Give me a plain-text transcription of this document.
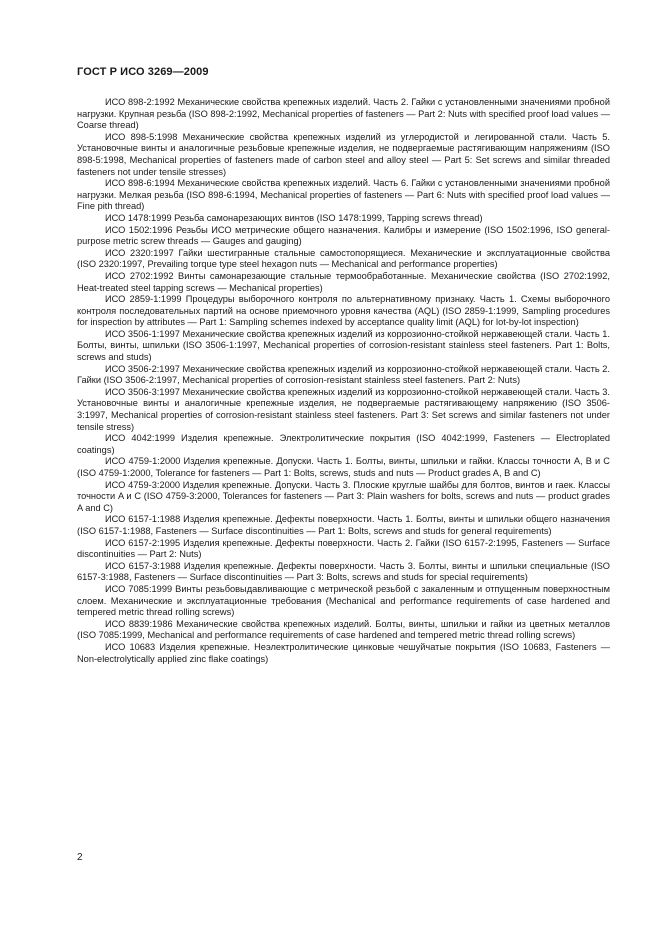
ГОСТ Р ИСО 3269—2009

ИСО 898-2:1992 Механические свойства крепежных изделий. Часть 2. Гайки с установленными значениями пробной нагрузки. Крупная резьба (ISO 898-2:1992, Mechanical properties of fasteners — Part 2: Nuts with specified proof load values — Coarse thread)

ИСО 898-5:1998 Механические свойства крепежных изделий из углеродистой и легированной стали. Часть 5. Установочные винты и аналогичные резьбовые крепежные изделия, не подвергаемые растягивающим напряжениям (ISO 898-5:1998, Mechanical properties of fasteners made of carbon steel and alloy steel — Part 5: Set screws and similar threaded fasteners not under tensile stresses)

ИСО 898-6:1994 Механические свойства крепежных изделий. Часть 6. Гайки с установленными значениями пробной нагрузки. Мелкая резьба (ISO 898-6:1994, Mechanical properties of fasteners — Part 6: Nuts with specified proof load values — Fine pith thread)

ИСО 1478:1999 Резьба самонарезающих винтов (ISO 1478:1999, Tapping screws thread)

ИСО 1502:1996 Резьбы ИСО метрические общего назначения. Калибры и измерение (ISO 1502:1996, ISO general-purpose metric screw threads — Gauges and gauging)

ИСО 2320:1997 Гайки шестигранные стальные самостопорящиеся. Механические и эксплуатационные свойства (ISO 2320:1997, Prevailing torque type steel hexagon nuts — Mechanical and performance properties)

ИСО 2702:1992 Винты самонарезающие стальные термообработанные. Механические свойства (ISO 2702:1992, Heat-treated steel tapping screws — Mechanical properties)

ИСО 2859-1:1999 Процедуры выборочного контроля по альтернативному признаку. Часть 1. Схемы выборочного контроля последовательных партий на основе приемочного уровня качества (AQL) (ISO 2859-1:1999, Sampling procedures for inspection by attributes — Part 1: Sampling schemes indexed by acceptance quality limit (AQL) for lot-by-lot inspection)

ИСО 3506-1:1997 Механические свойства крепежных изделий из коррозионно-стойкой нержавеющей стали. Часть 1. Болты, винты, шпильки (ISO 3506-1:1997, Mechanical properties of corrosion-resistant stainless steel fasteners. Part 1: Bolts, screws and studs)

ИСО 3506-2:1997 Механические свойства крепежных изделий из коррозионно-стойкой нержавеющей стали. Часть 2. Гайки (ISO 3506-2:1997, Mechanical properties of corrosion-resistant stainless steel fasteners. Part 2: Nuts)

ИСО 3506-3:1997 Механические свойства крепежных изделий из коррозионно-стойкой нержавеющей стали. Часть 3. Установочные винты и аналогичные крепежные изделия, не подвергаемые растягивающему напряжению (ISO 3506-3:1997, Mechanical properties of corrosion-resistant stainless steel fasteners. Part 3: Set screws and similar fasteners not under tensile stress)

ИСО 4042:1999 Изделия крепежные. Электролитические покрытия (ISO 4042:1999, Fasteners — Electroplated coatings)

ИСО 4759-1:2000 Изделия крепежные. Допуски. Часть 1. Болты, винты, шпильки и гайки. Классы точности A, B и C (ISO 4759-1:2000, Tolerance for fasteners — Part 1: Bolts, screws, studs and nuts — Product grades A, B and C)

ИСО 4759-3:2000 Изделия крепежные. Допуски. Часть 3. Плоские круглые шайбы для болтов, винтов и гаек. Классы точности A и C (ISO 4759-3:2000, Tolerances for fasteners — Part 3: Plain washers for bolts, screws and nuts — product grades A and C)

ИСО 6157-1:1988 Изделия крепежные. Дефекты поверхности. Часть 1. Болты, винты и шпильки общего назначения (ISO 6157-1:1988, Fasteners — Surface discontinuities — Part 1: Bolts, screws and studs for general requirements)

ИСО 6157-2:1995 Изделия крепежные. Дефекты поверхности. Часть 2. Гайки (ISO 6157-2:1995, Fasteners — Surface discontinuities — Part 2: Nuts)

ИСО 6157-3:1988 Изделия крепежные. Дефекты поверхности. Часть 3. Болты, винты и шпильки специальные (ISO 6157-3:1988, Fasteners — Surface discontinuities — Part 3: Bolts, screws and studs for special requirements)

ИСО 7085:1999 Винты резьбовыдавливающие с метрической резьбой с закаленным и отпущенным поверхностным слоем. Механические и эксплуатационные требования (Mechanical and performance requirements of case hardened and tempered metric thread rolling screws)

ИСО 8839:1986 Механические свойства крепежных изделий. Болты, винты, шпильки и гайки из цветных металлов (ISO 7085:1999, Mechanical and performance requirements of case hardened and tempered metric thread rolling screws)

ИСО 10683 Изделия крепежные. Неэлектролитические цинковые чешуйчатые покрытия (ISO 10683, Fasteners — Non-electrolytically applied zinc flake coatings)

2
